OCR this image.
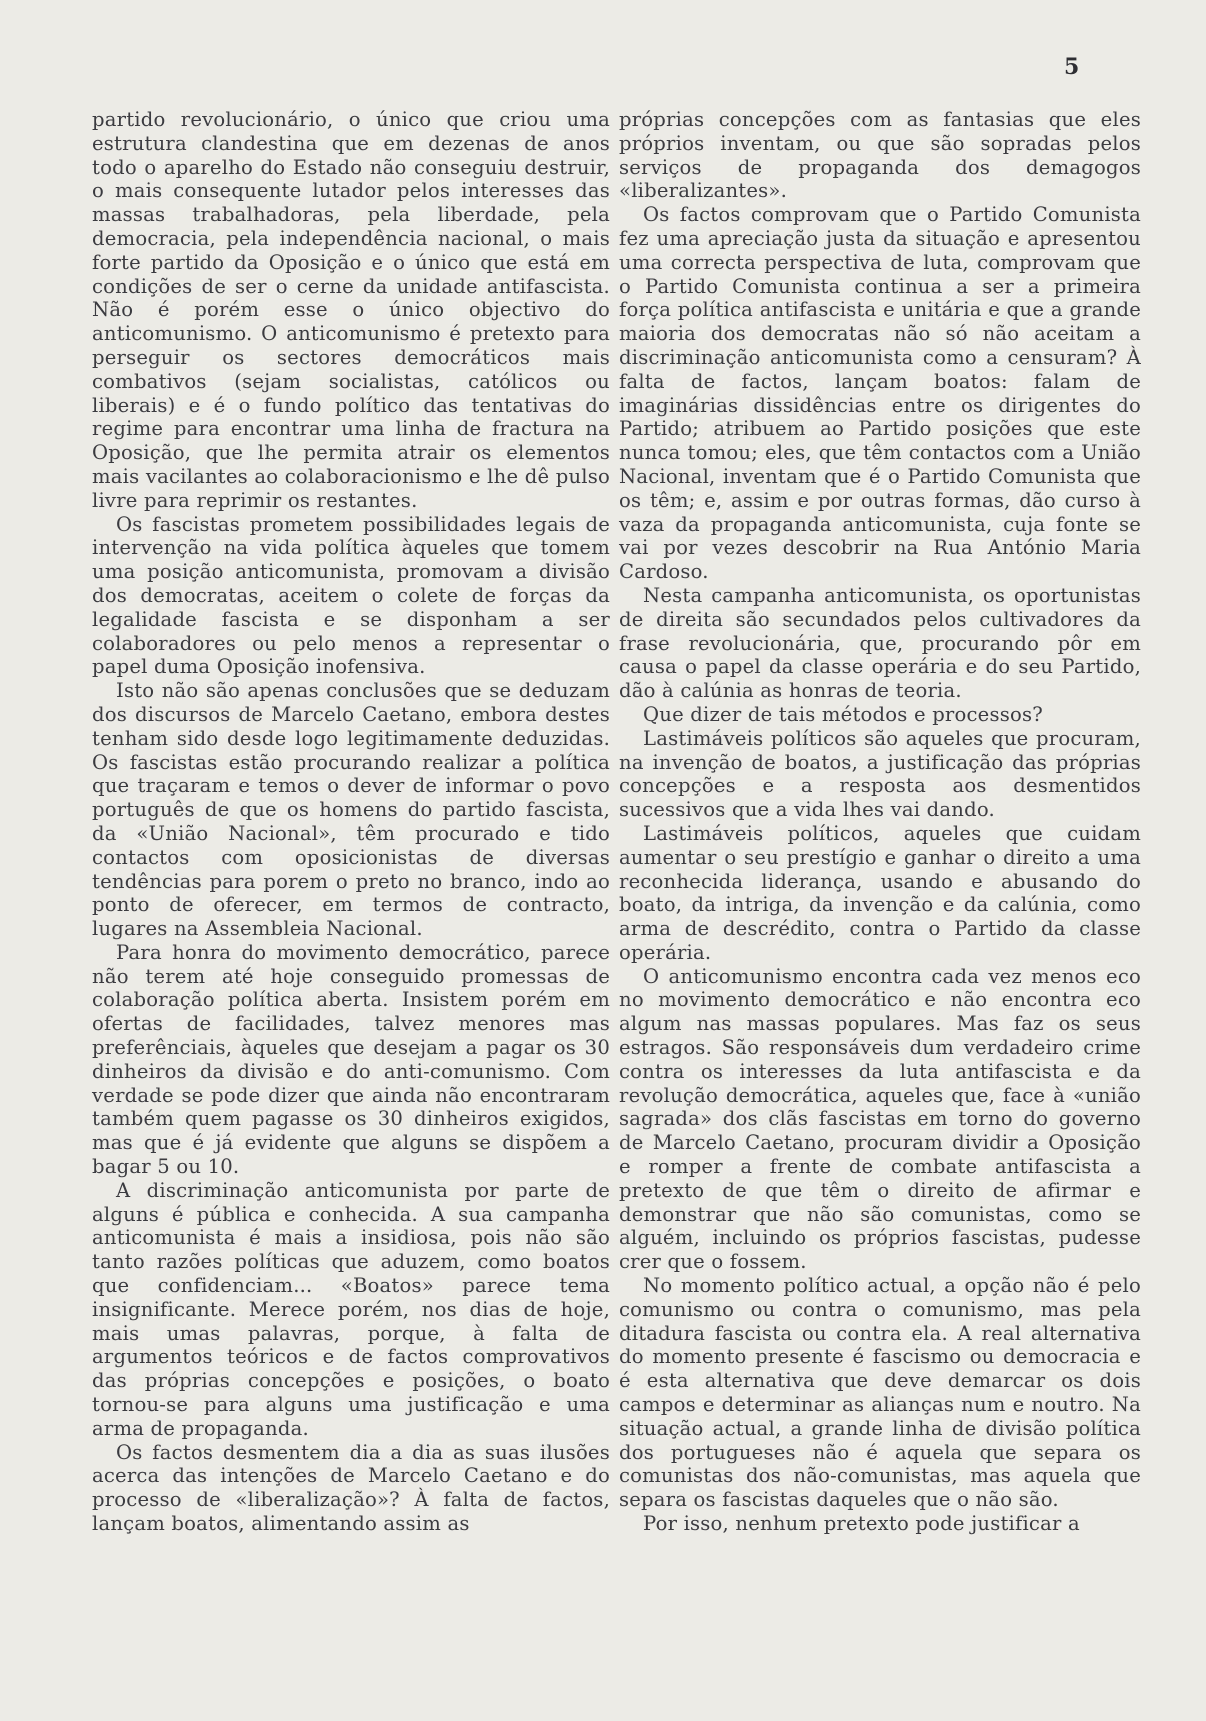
5

partido revolucionário, o único que criou uma estrutura clandestina que em dezenas de anos todo o aparelho do Estado não conseguiu destruir, o mais consequente lutador pelos interesses das massas trabalhadoras, pela liberdade, pela democracia, pela independência nacional, o mais forte partido da Oposição e o único que está em condições de ser o cerne da unidade antifascista. Não é porém esse o único objectivo do anticomunismo. O anticomunismo é pretexto para perseguir os sectores democráticos mais combativos (sejam socialistas, católicos ou liberais) e é o fundo político das tentativas do regime para encontrar uma linha de fractura na Oposição, que lhe permita atrair os elementos mais vacilantes ao colaboracionismo e lhe dê pulso livre para reprimir os restantes.

Os fascistas prometem possibilidades legais de intervenção na vida política àqueles que tomem uma posição anticomunista, promovam a divisão dos democratas, aceitem o colete de forças da legalidade fascista e se disponham a ser colaboradores ou pelo menos a representar o papel duma Oposição inofensiva.

Isto não são apenas conclusões que se deduzam dos discursos de Marcelo Caetano, embora destes tenham sido desde logo legitimamente deduzidas. Os fascistas estão procurando realizar a política que traçaram e temos o dever de informar o povo português de que os homens do partido fascista, da «União Nacional», têm procurado e tido contactos com oposicionistas de diversas tendências para porem o preto no branco, indo ao ponto de oferecer, em termos de contracto, lugares na Assembleia Nacional.

Para honra do movimento democrático, parece não terem até hoje conseguido promessas de colaboração política aberta. Insistem porém em ofertas de facilidades, talvez menores mas preferênciais, àqueles que desejam a pagar os 30 dinheiros da divisão e do anti-comunismo. Com verdade se pode dizer que ainda não encontraram também quem pagasse os 30 dinheiros exigidos, mas que é já evidente que alguns se dispõem a bagar 5 ou 10.

A discriminação anticomunista por parte de alguns é pública e conhecida. A sua campanha anticomunista é mais a insidiosa, pois não são tanto razões políticas que aduzem, como boatos que confidenciam... «Boatos» parece tema insignificante. Merece porém, nos dias de hoje, mais umas palavras, porque, à falta de argumentos teóricos e de factos comprovativos das próprias concepções e posições, o boato tornou-se para alguns uma justificação e uma arma de propaganda.

Os factos desmentem dia a dia as suas ilusões acerca das intenções de Marcelo Caetano e do processo de «liberalização»? À falta de factos, lançam boatos, alimentando assim as

próprias concepções com as fantasias que eles próprios inventam, ou que são sopradas pelos serviços de propaganda dos demagogos «liberalizantes».

Os factos comprovam que o Partido Comunista fez uma apreciação justa da situação e apresentou uma correcta perspectiva de luta, comprovam que o Partido Comunista continua a ser a primeira força política antifascista e unitária e que a grande maioria dos democratas não só não aceitam a discriminação anticomunista como a censuram? À falta de factos, lançam boatos: falam de imaginárias dissidências entre os dirigentes do Partido; atribuem ao Partido posições que este nunca tomou; eles, que têm contactos com a União Nacional, inventam que é o Partido Comunista que os têm; e, assim e por outras formas, dão curso à vaza da propaganda anticomunista, cuja fonte se vai por vezes descobrir na Rua António Maria Cardoso.

Nesta campanha anticomunista, os oportunistas de direita são secundados pelos cultivadores da frase revolucionária, que, procurando pôr em causa o papel da classe operária e do seu Partido, dão à calúnia as honras de teoria.

Que dizer de tais métodos e processos?

Lastimáveis políticos são aqueles que procuram, na invenção de boatos, a justificação das próprias concepções e a resposta aos desmentidos sucessivos que a vida lhes vai dando.

Lastimáveis políticos, aqueles que cuidam aumentar o seu prestígio e ganhar o direito a uma reconhecida liderança, usando e abusando do boato, da intriga, da invenção e da calúnia, como arma de descrédito, contra o Partido da classe operária.

O anticomunismo encontra cada vez menos eco no movimento democrático e não encontra eco algum nas massas populares. Mas faz os seus estragos. São responsáveis dum verdadeiro crime contra os interesses da luta antifascista e da revolução democrática, aqueles que, face à «união sagrada» dos clãs fascistas em torno do governo de Marcelo Caetano, procuram dividir a Oposição e romper a frente de combate antifascista a pretexto de que têm o direito de afirmar e demonstrar que não são comunistas, como se alguém, incluindo os próprios fascistas, pudesse crer que o fossem.

No momento político actual, a opção não é pelo comunismo ou contra o comunismo, mas pela ditadura fascista ou contra ela. A real alternativa do momento presente é fascismo ou democracia e é esta alternativa que deve demarcar os dois campos e determinar as alianças num e noutro. Na situação actual, a grande linha de divisão política dos portugueses não é aquela que separa os comunistas dos não-comunistas, mas aquela que separa os fascistas daqueles que o não são.

Por isso, nenhum pretexto pode justificar a
